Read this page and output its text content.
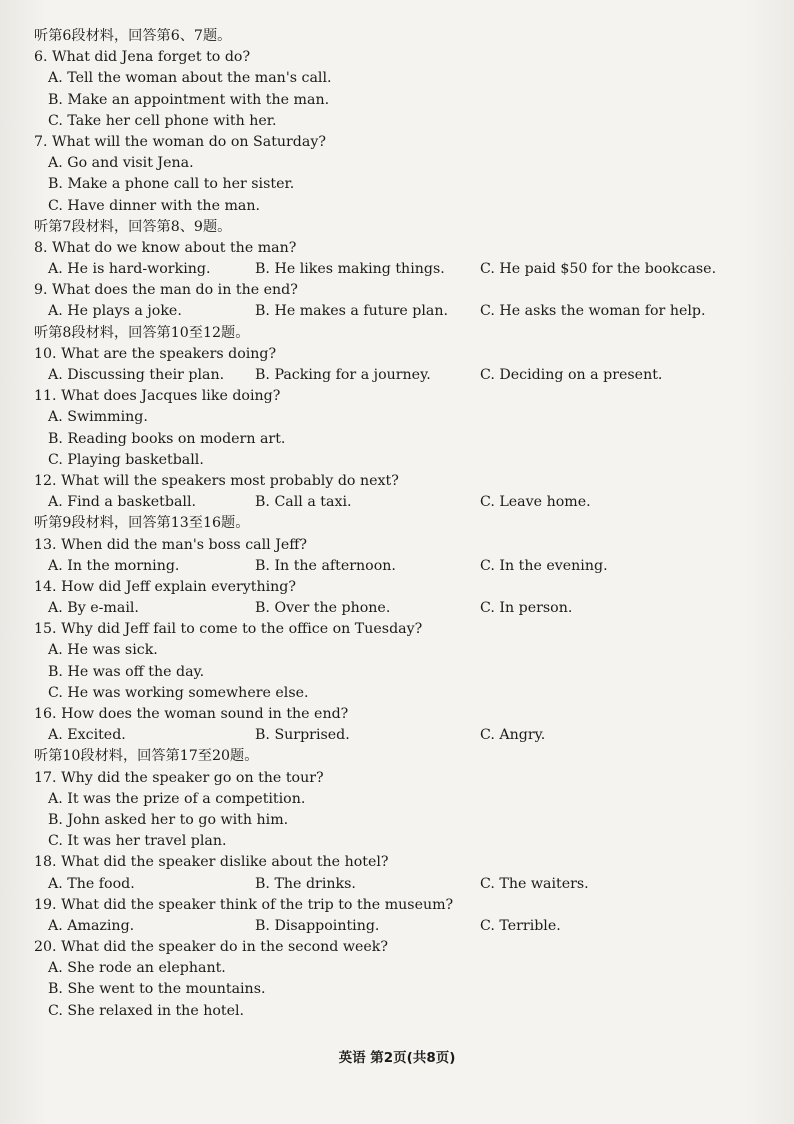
听第6段材料，回答第6、7题。
6. What did Jena forget to do?
A. Tell the woman about the man's call.
B. Make an appointment with the man.
C. Take her cell phone with her.
7. What will the woman do on Saturday?
A. Go and visit Jena.
B. Make a phone call to her sister.
C. Have dinner with the man.
听第7段材料，回答第8、9题。
8. What do we know about the man?
A. He is hard-working.	B. He likes making things. C. He paid $50 for the bookcase.
9. What does the man do in the end?
A. He plays a joke.	B. He makes a future plan. C. He asks the woman for help.
听第8段材料，回答第10至12题。
10. What are the speakers doing?
A. Discussing their plan. B. Packing for a journey.	C. Deciding on a present.
11. What does Jacques like doing?
A. Swimming.
B. Reading books on modern art.
C. Playing basketball.
12. What will the speakers most probably do next?
A. Find a basketball.	B. Call a taxi.	C. Leave home.
听第9段材料，回答第13至16题。
13. When did the man's boss call Jeff?
A. In the morning.	B. In the afternoon.	C. In the evening.
14. How did Jeff explain everything?
A. By e-mail.	B. Over the phone.	C. In person.
15. Why did Jeff fail to come to the office on Tuesday?
A. He was sick.
B. He was off the day.
C. He was working somewhere else.
16. How does the woman sound in the end?
A. Excited.	B. Surprised.	C. Angry.
听第10段材料，回答第17至20题。
17. Why did the speaker go on the tour?
A. It was the prize of a competition.
B. John asked her to go with him.
C. It was her travel plan.
18. What did the speaker dislike about the hotel?
A. The food.	B. The drinks.	C. The waiters.
19. What did the speaker think of the trip to the museum?
A. Amazing.	B. Disappointing.	C. Terrible.
20. What did the speaker do in the second week?
A. She rode an elephant.
B. She went to the mountains.
C. She relaxed in the hotel.
英语 第2页(共8页)
